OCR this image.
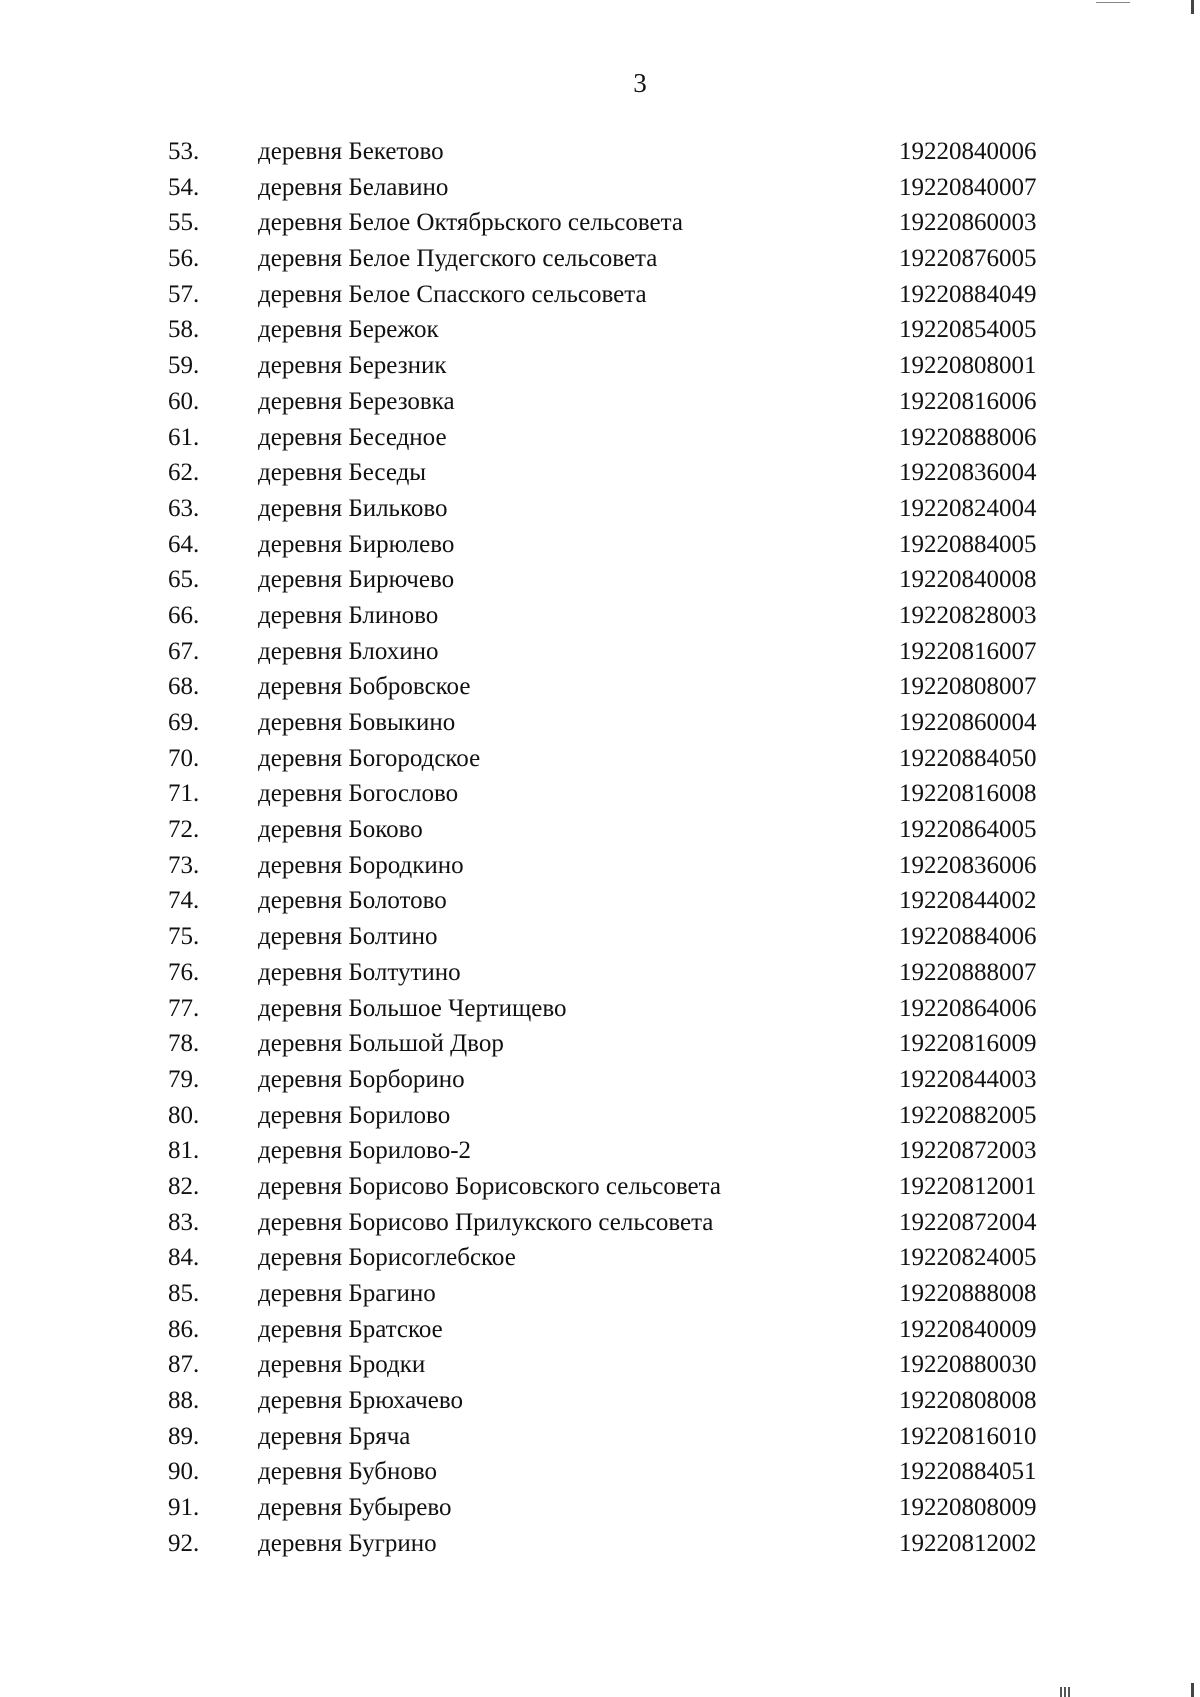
3
53.	деревня Бекетово	19220840006
54.	деревня Белавино	19220840007
55.	деревня Белое Октябрьского сельсовета	19220860003
56.	деревня Белое Пудегского сельсовета	19220876005
57.	деревня Белое Спасского сельсовета	19220884049
58.	деревня Бережок	19220854005
59.	деревня Березник	19220808001
60.	деревня Березовка	19220816006
61.	деревня Беседное	19220888006
62.	деревня Беседы	19220836004
63.	деревня Бильково	19220824004
64.	деревня Бирюлево	19220884005
65.	деревня Бирючево	19220840008
66.	деревня Блиново	19220828003
67.	деревня Блохино	19220816007
68.	деревня Бобровское	19220808007
69.	деревня Бовыкино	19220860004
70.	деревня Богородское	19220884050
71.	деревня Богослово	19220816008
72.	деревня Боково	19220864005
73.	деревня Бородкино	19220836006
74.	деревня Болотово	19220844002
75.	деревня Болтино	19220884006
76.	деревня Болтутино	19220888007
77.	деревня Большое Чертищево	19220864006
78.	деревня Большой Двор	19220816009
79.	деревня Борборино	19220844003
80.	деревня Борилово	19220882005
81.	деревня Борилово-2	19220872003
82.	деревня Борисово Борисовского сельсовета	19220812001
83.	деревня Борисово Прилукского сельсовета	19220872004
84.	деревня Борисоглебское	19220824005
85.	деревня Брагино	19220888008
86.	деревня Братское	19220840009
87.	деревня Бродки	19220880030
88.	деревня Брюхачево	19220808008
89.	деревня Бряча	19220816010
90.	деревня Бубново	19220884051
91.	деревня Бубырево	19220808009
92.	деревня Бугрино	19220812002
